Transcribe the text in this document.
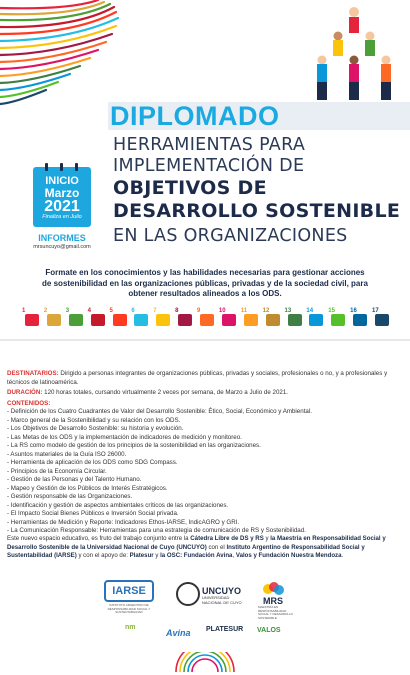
DIPLOMADO
HERRAMIENTAS PARA
IMPLEMENTACIÓN DE
OBJETIVOS DE
DESARROLLO SOSTENIBLE
EN LAS ORGANIZACIONES
INICIO
Marzo
2021
Finaliza en Julio
INFORMES
mrsuncuyo@gmail.com
Formate en los conocimientos y las habilidades necesarias para gestionar acciones de sostenibilidad en las organizaciones públicas, privadas y de la sociedad civil, para obtener resultados alineados a los ODS.
1	2	3	4	5	6	7	8	9	10	11	12	13	14	15	16	17
DESTINATARIOS: Dirigido a personas integrantes de organizaciones públicas, privadas y sociales, profesionales o no, y a profesionales y técnicos de latinoamérica.
DURACIÓN: 120 horas totales, cursando virtualmente 2 veces por semana, de Marzo a Julio de 2021.
CONTENIDOS:
- Definición de los Cuatro Cuadrantes de Valor del Desarrollo Sostenible: Ético, Social, Económico y Ambiental.
- Marco general de la Sostenibilidad y su relación con los ODS.
- Los Objetivos de Desarrollo Sostenible: su historia y evolución.
- Las Metas de los ODS y la implementación de indicadores de medición y monitoreo.
- La RS como modelo de gestión de los principios de la sostenibilidad en las organizaciones.
- Asuntos materiales de la Guía ISO 26000.
- Herramienta de aplicación de los ODS como SDG Compass.
- Principios de la Economía Circular.
- Gestión de las Personas y del Talento Humano.
- Mapeo y Gestión de los Públicos de Interés Estratégicos.
- Gestión responsable de las Organizaciones.
- Identificación y gestión de aspectos ambientales críticos de las organizaciones.
- El Impacto Social Bienes Públicos e Inversión Social privada.
- Herramientas de Medición y Reporte: Indicadores Ethos-IARSE, IndicAGRO y GRI.
- La Comunicación Responsable: Herramientas para una estrategia de comunicación de RS y Sostenibilidad.
Este nuevo espacio educativo, es fruto del trabajo conjunto entre la Cátedra Libre de DS y RS y la Maestría en Responsabilidad Social y Desarrollo Sostenible de la Universidad Nacional de Cuyo (UNCUYO) con el Instituto Argentino de Responsabilidad Social y Sustentabilidad (IARSE) y con el apoyo de: Platesur y la OSC: Fundación Avina, Valos y Fundación Nuestra Mendoza.
IARSE
INSTITUTO ARGENTINO DE RESPONSABILIDAD SOCIAL Y SUSTENTABILIDAD
UNCUYO
UNIVERSIDAD NACIONAL DE CUYO	MRS
MAESTRÍA EN RESPONSABILIDAD SOCIAL Y DESARROLLO SOSTENIBLE
nm
Avina PLATESUR VALOS
